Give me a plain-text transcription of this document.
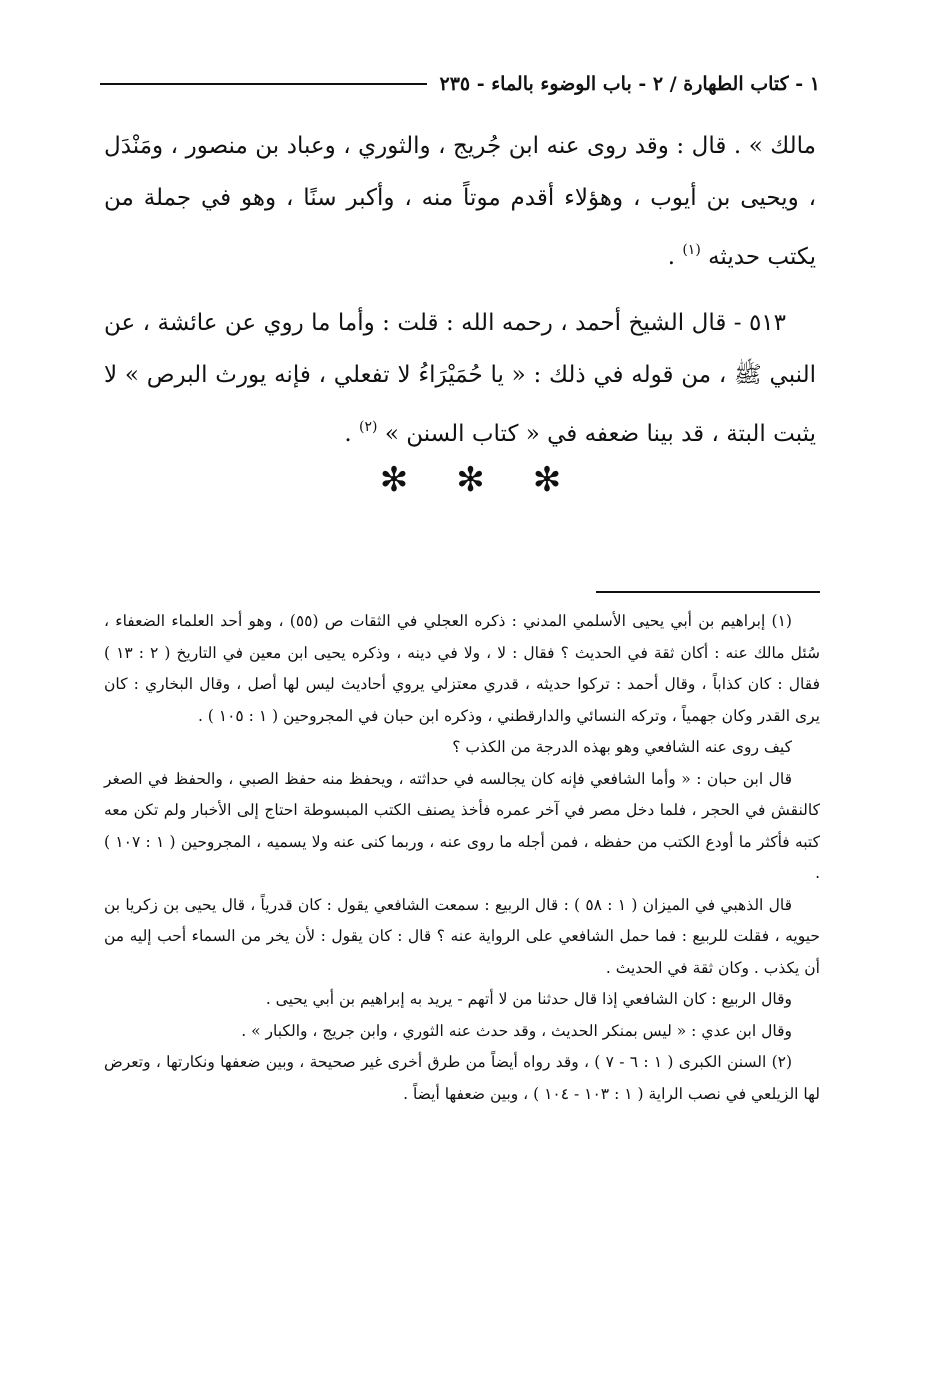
١ - كتاب الطهارة / ٢ - باب الوضوء بالماء - ٢٣٥

مالك » . قال : وقد روى عنه ابن جُريج ، والثوري ، وعباد بن منصور ، ومَنْدَل ، ويحيى بن أيوب ، وهؤلاء أقدم موتاً منه ، وأكبر سنًا ، وهو في جملة من يكتب حديثه $^{(١)}$ .

٥١٣ - قال الشيخ أحمد ، رحمه الله : قلت : وأما ما روي عن عائشة ، عن النبي ﷺ ، من قوله في ذلك : « يا حُمَيْرَاءُ لا تفعلي ، فإنه يورث البرص » لا يثبت البتة ، قد بينا ضعفه في « كتاب السنن » $^{(٢)}$ .

✻✻✻

(١) إبراهيم بن أبي يحيى الأسلمي المدني : ذكره العجلي في الثقات ص (٥٥) ، وهو أحد العلماء الضعفاء ، سُئل مالك عنه : أكان ثقة في الحديث ؟ فقال : لا ، ولا في دينه ، وذكره يحيى ابن معين في التاريخ ( ٢ : ١٣ ) فقال : كان كذاباً ، وقال أحمد : تركوا حديثه ، قدري معتزلي يروي أحاديث ليس لها أصل ، وقال البخاري : كان يرى القدر وكان جهمياً ، وتركه النسائي والدارقطني ، وذكره ابن حبان في المجروحين ( ١ : ١٠٥ ) .

كيف روى عنه الشافعي وهو بهذه الدرجة من الكذب ؟

قال ابن حبان : « وأما الشافعي فإنه كان يجالسه في حداثته ، ويحفظ منه حفظ الصبي ، والحفظ في الصغر كالنقش في الحجر ، فلما دخل مصر في آخر عمره فأخذ يصنف الكتب المبسوطة احتاج إلى الأخبار ولم تكن معه كتبه فأكثر ما أودع الكتب من حفظه ، فمن أجله ما روى عنه ، وربما كنى عنه ولا يسميه ، المجروحين ( ١ : ١٠٧ ) .

قال الذهبي في الميزان ( ١ : ٥٨ ) : قال الربيع : سمعت الشافعي يقول : كان قدرياً ، قال يحيى بن زكريا بن حيويه ، فقلت للربيع : فما حمل الشافعي على الرواية عنه ؟ قال : كان يقول : لأن يخر من السماء أحب إليه من أن يكذب . وكان ثقة في الحديث .

وقال الربيع : كان الشافعي إذا قال حدثنا من لا أتهم - يريد به إبراهيم بن أبي يحيى .

وقال ابن عدي : « ليس بمنكر الحديث ، وقد حدث عنه الثوري ، وابن جريج ، والكبار » .

(٢) السنن الكبرى ( ١ : ٦ - ٧ ) ، وقد رواه أيضاً من طرق أخرى غير صحيحة ، وبين ضعفها ونكارتها ، وتعرض لها الزيلعي في نصب الراية ( ١ : ١٠٣ - ١٠٤ ) ، وبين ضعفها أيضاً .
